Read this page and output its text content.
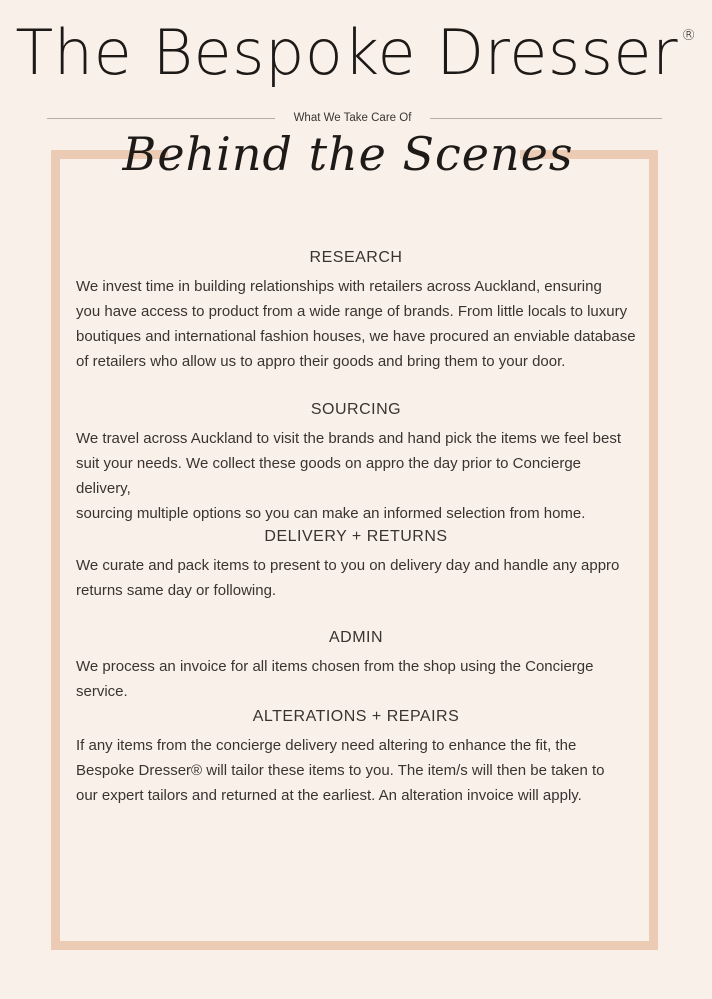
The Bespoke Dresser ®
What We Take Care Of
Behind the Scenes
RESEARCH
We invest time in building relationships with retailers across Auckland, ensuring
you have access to product from a wide range of brands. From little locals to luxury
boutiques and international fashion houses, we have procured an enviable database
of retailers who allow us to appro their goods and bring them to your door.
SOURCING
We travel across Auckland to visit the brands and hand pick the items we feel best
suit your needs. We collect these goods on appro the day prior to Concierge delivery,
sourcing multiple options so you can make an informed selection from home.
DELIVERY + RETURNS
We curate and pack items to present to you on delivery day and handle any appro
returns same day or following.
ADMIN
We process an invoice for all items chosen from the shop using the Concierge service.
ALTERATIONS + REPAIRS
If any items from the concierge delivery need altering to enhance the fit, the
Bespoke Dresser® will tailor these items to you. The item/s will then be taken to
our expert tailors and returned at the earliest. An alteration invoice will apply.
